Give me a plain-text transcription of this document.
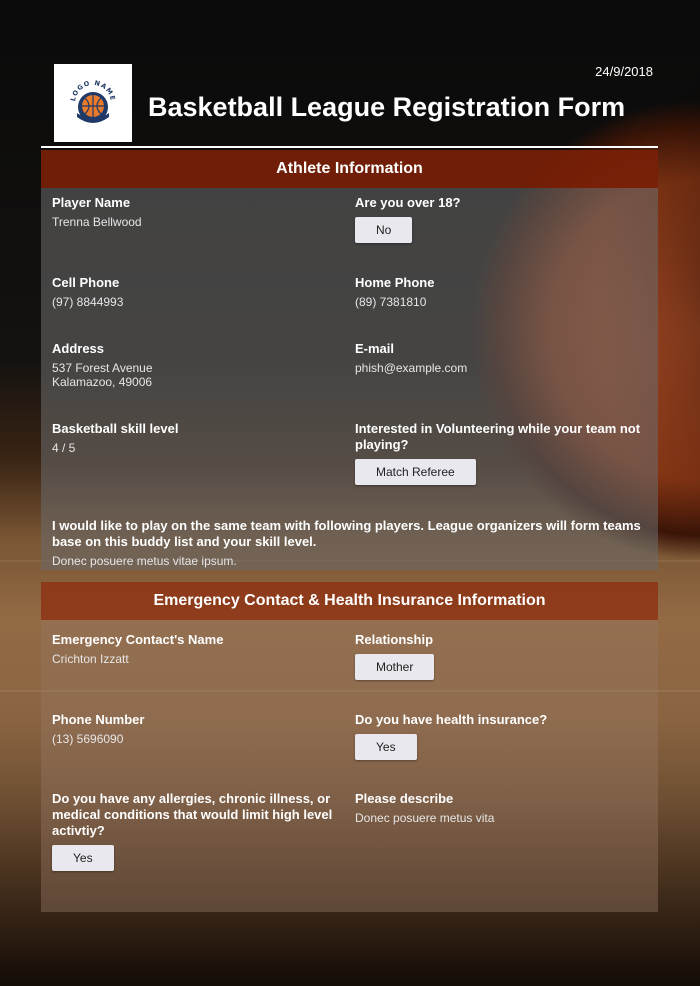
24/9/2018
LOGO NAME Basketball League Registration Form
Athlete Information
Player Name
Trenna Bellwood
Are you over 18?
No
Cell Phone
(97) 8844993
Home Phone
(89) 7381810
Address
537 Forest Avenue
Kalamazoo, 49006
E-mail
phish@example.com
Basketball skill level
4 / 5
Interested in Volunteering while your team not playing?
Match Referee
I would like to play on the same team with following players. League organizers will form teams base on this buddy list and your skill level.
Donec posuere metus vitae ipsum.
Emergency Contact & Health Insurance Information
Emergency Contact's Name
Crichton Izzatt
Relationship
Mother
Phone Number
(13) 5696090
Do you have health insurance?
Yes
Do you have any allergies, chronic illness, or medical conditions that would limit high level activtiy?
Yes
Please describe
Donec posuere metus vita
